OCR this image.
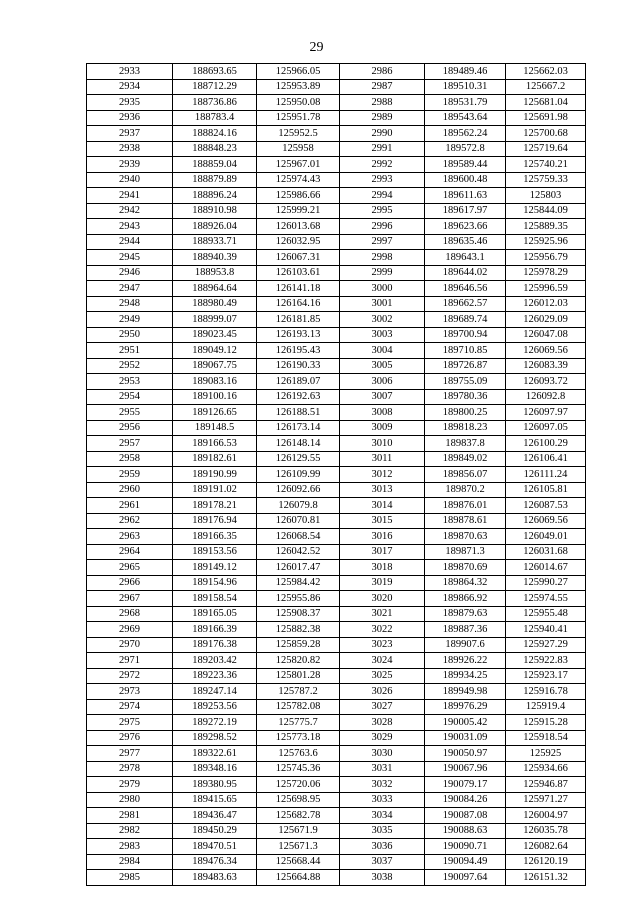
29
2933	188693.65	125966.05	2986	189489.46	125662.03
2934	188712.29	125953.89	2987	189510.31	125667.2
2935	188736.86	125950.08	2988	189531.79	125681.04
2936	188783.4	125951.78	2989	189543.64	125691.98
2937	188824.16	125952.5	2990	189562.24	125700.68
2938	188848.23	125958	2991	189572.8	125719.64
2939	188859.04	125967.01	2992	189589.44	125740.21
2940	188879.89	125974.43	2993	189600.48	125759.33
2941	188896.24	125986.66	2994	189611.63	125803
2942	188910.98	125999.21	2995	189617.97	125844.09
2943	188926.04	126013.68	2996	189623.66	125889.35
2944	188933.71	126032.95	2997	189635.46	125925.96
2945	188940.39	126067.31	2998	189643.1	125956.79
2946	188953.8	126103.61	2999	189644.02	125978.29
2947	188964.64	126141.18	3000	189646.56	125996.59
2948	188980.49	126164.16	3001	189662.57	126012.03
2949	188999.07	126181.85	3002	189689.74	126029.09
2950	189023.45	126193.13	3003	189700.94	126047.08
2951	189049.12	126195.43	3004	189710.85	126069.56
2952	189067.75	126190.33	3005	189726.87	126083.39
2953	189083.16	126189.07	3006	189755.09	126093.72
2954	189100.16	126192.63	3007	189780.36	126092.8
2955	189126.65	126188.51	3008	189800.25	126097.97
2956	189148.5	126173.14	3009	189818.23	126097.05
2957	189166.53	126148.14	3010	189837.8	126100.29
2958	189182.61	126129.55	3011	189849.02	126106.41
2959	189190.99	126109.99	3012	189856.07	126111.24
2960	189191.02	126092.66	3013	189870.2	126105.81
2961	189178.21	126079.8	3014	189876.01	126087.53
2962	189176.94	126070.81	3015	189878.61	126069.56
2963	189166.35	126068.54	3016	189870.63	126049.01
2964	189153.56	126042.52	3017	189871.3	126031.68
2965	189149.12	126017.47	3018	189870.69	126014.67
2966	189154.96	125984.42	3019	189864.32	125990.27
2967	189158.54	125955.86	3020	189866.92	125974.55
2968	189165.05	125908.37	3021	189879.63	125955.48
2969	189166.39	125882.38	3022	189887.36	125940.41
2970	189176.38	125859.28	3023	189907.6	125927.29
2971	189203.42	125820.82	3024	189926.22	125922.83
2972	189223.36	125801.28	3025	189934.25	125923.17
2973	189247.14	125787.2	3026	189949.98	125916.78
2974	189253.56	125782.08	3027	189976.29	125919.4
2975	189272.19	125775.7	3028	190005.42	125915.28
2976	189298.52	125773.18	3029	190031.09	125918.54
2977	189322.61	125763.6	3030	190050.97	125925
2978	189348.16	125745.36	3031	190067.96	125934.66
2979	189380.95	125720.06	3032	190079.17	125946.87
2980	189415.65	125698.95	3033	190084.26	125971.27
2981	189436.47	125682.78	3034	190087.08	126004.97
2982	189450.29	125671.9	3035	190088.63	126035.78
2983	189470.51	125671.3	3036	190090.71	126082.64
2984	189476.34	125668.44	3037	190094.49	126120.19
2985	189483.63	125664.88	3038	190097.64	126151.32
